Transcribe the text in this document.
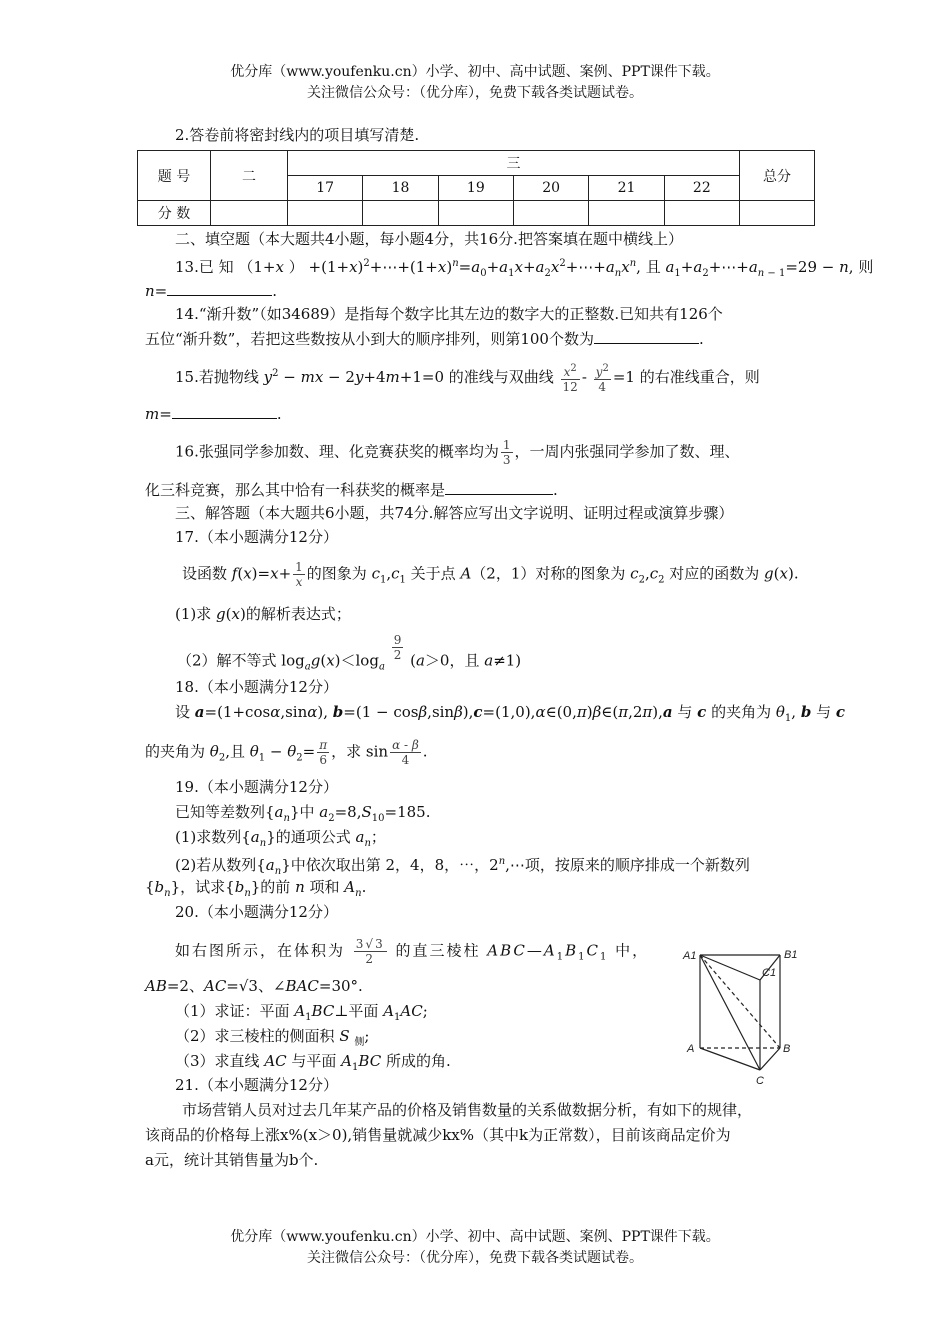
优分库（www.youfenku.cn）小学、初中、高中试题、案例、PPT课件下载。
关注微信公众号：（优分库），免费下载各类试题试卷。
2.答卷前将密封线内的项目填写清楚.
题 号	二	三						总分
		17	18	19	20	21	22	
分 数								
二、填空题（本大题共4小题，每小题4分，共16分.把答案填在题中横线上）
13.已 知 （1+x ） $+(1+x)^2+\cdots+(1+x)^n=a_0+a_1x+a_2x^2+\cdots+a_nx^n$, 且 $a_1+a_2+\cdots+a_{n - 1}=29 - n$, 则
n=	.
14.“渐升数”（如34689）是指每个数字比其左边的数字大的正整数.已知共有126个
五位“渐升数”，若把这些数按从小到大的顺序排列，则第100个数为	.
15.若抛物线 $y^2$ − mx − 2y+4m+1=0 的准线与双曲线 $\frac{x^2}{12} - \frac{y^2}{4} =1$ 的右准线重合，则
m=	.
16.张强同学参加数、理、化竞赛获奖的概率均为 $\frac{1}{3}$ ，一周内张强同学参加了数、理、
化三科竞赛，那么其中恰有一科获奖的概率是	.
三、解答题（本大题共6小题，共74分.解答应写出文字说明、证明过程或演算步骤）
17.（本小题满分12分）
设函数 $f(x)=x+ \frac{1}{x}$ 的图象为 $c_1,c_1$ 关于点 A（2，1）对称的图象为 $c_2,c_2$ 对应的函数为 g(x).
(1)求 g(x)的解析表达式；
（2）解不等式 $\log_ag(x)<\log_a$
$\frac{9}{2} (a>0$，且 a≠1)
18.（本小题满分12分）
设 a=(1+cosα,sinα), b=(1 − cosβ,sinβ),c=(1,0),α∈(0,π)β∈(π,2π),a 与 c 的夹角为 $\theta_1$, b 与 c
的夹角为 $\theta_2$,且 $\theta_1 - \theta_2= \frac{\pi}{6}$ ，求 $\sin \frac{\alpha - \beta}{4}$ .
19.（本小题满分12分）
已知等差数列$\{a_n\}$中 $a_2=8,S_{10}=185$.
(1)求数列$\{a_n\}$的通项公式 $a_n$；
(2)若从数列$\{a_n\}$中依次取出第 2，4，8，⋯，2$^n$,⋯项，按原来的顺序排成一个新数列
$\{b_n\}$，试求$\{b_n\}$的前 n 项和 $A_n$.
20.（本小题满分12分）
如右图所示，在体积为 $\frac{3√3}{2}$ 的直三棱柱 $ABC—A_1B_1C_1$ 中，
AB=2、AC=√3、∠BAC=30°.
（1）求证：平面 $A_1BC\perp$平面 $A_1AC$;
（2）求三棱柱的侧面积 S $_侧$;
（3）求直线 AC 与平面 $A_1BC$ 所成的角.
A1	B1
C1
A	B
C
21.（本小题满分12分）
市场营销人员对过去几年某产品的价格及销售数量的关系做数据分析，有如下的规律，
该商品的价格每上涨x%(x＞0),销售量就减少kx%（其中k为正常数），目前该商品定价为
a元，统计其销售量为b个.
优分库（www.youfenku.cn）小学、初中、高中试题、案例、PPT课件下载。
关注微信公众号：（优分库），免费下载各类试题试卷。
